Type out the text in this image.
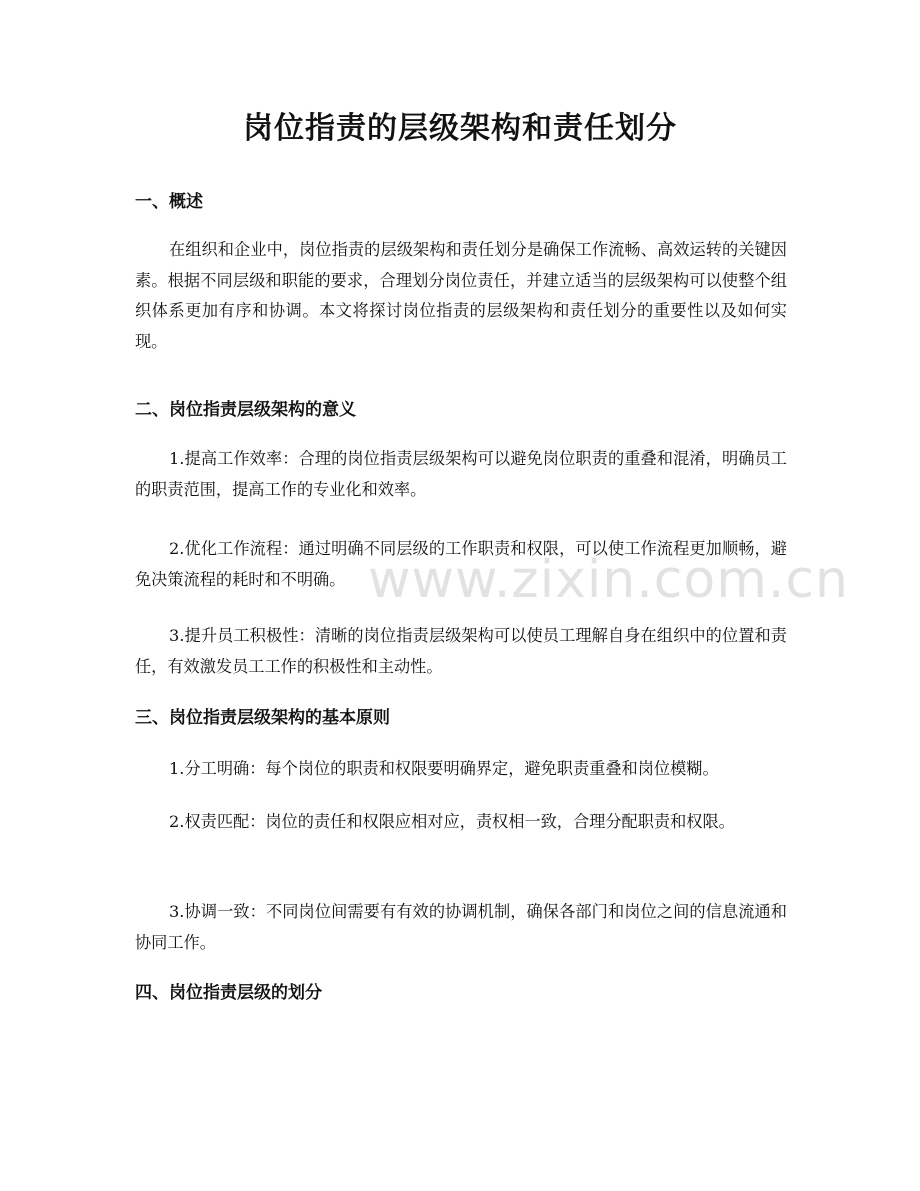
岗位指责的层级架构和责任划分
一、概述
在组织和企业中，岗位指责的层级架构和责任划分是确保工作流畅、高效运转的关键因素。根据不同层级和职能的要求，合理划分岗位责任，并建立适当的层级架构可以使整个组织体系更加有序和协调。本文将探讨岗位指责的层级架构和责任划分的重要性以及如何实现。
二、岗位指责层级架构的意义
1.提高工作效率：合理的岗位指责层级架构可以避免岗位职责的重叠和混淆，明确员工的职责范围，提高工作的专业化和效率。
2.优化工作流程：通过明确不同层级的工作职责和权限，可以使工作流程更加顺畅，避免决策流程的耗时和不明确。
3.提升员工积极性：清晰的岗位指责层级架构可以使员工理解自身在组织中的位置和责任，有效激发员工工作的积极性和主动性。
三、岗位指责层级架构的基本原则
1.分工明确：每个岗位的职责和权限要明确界定，避免职责重叠和岗位模糊。
2.权责匹配：岗位的责任和权限应相对应，责权相一致，合理分配职责和权限。
3.协调一致：不同岗位间需要有有效的协调机制，确保各部门和岗位之间的信息流通和协同工作。
四、岗位指责层级的划分
www.zixin.com.cn
